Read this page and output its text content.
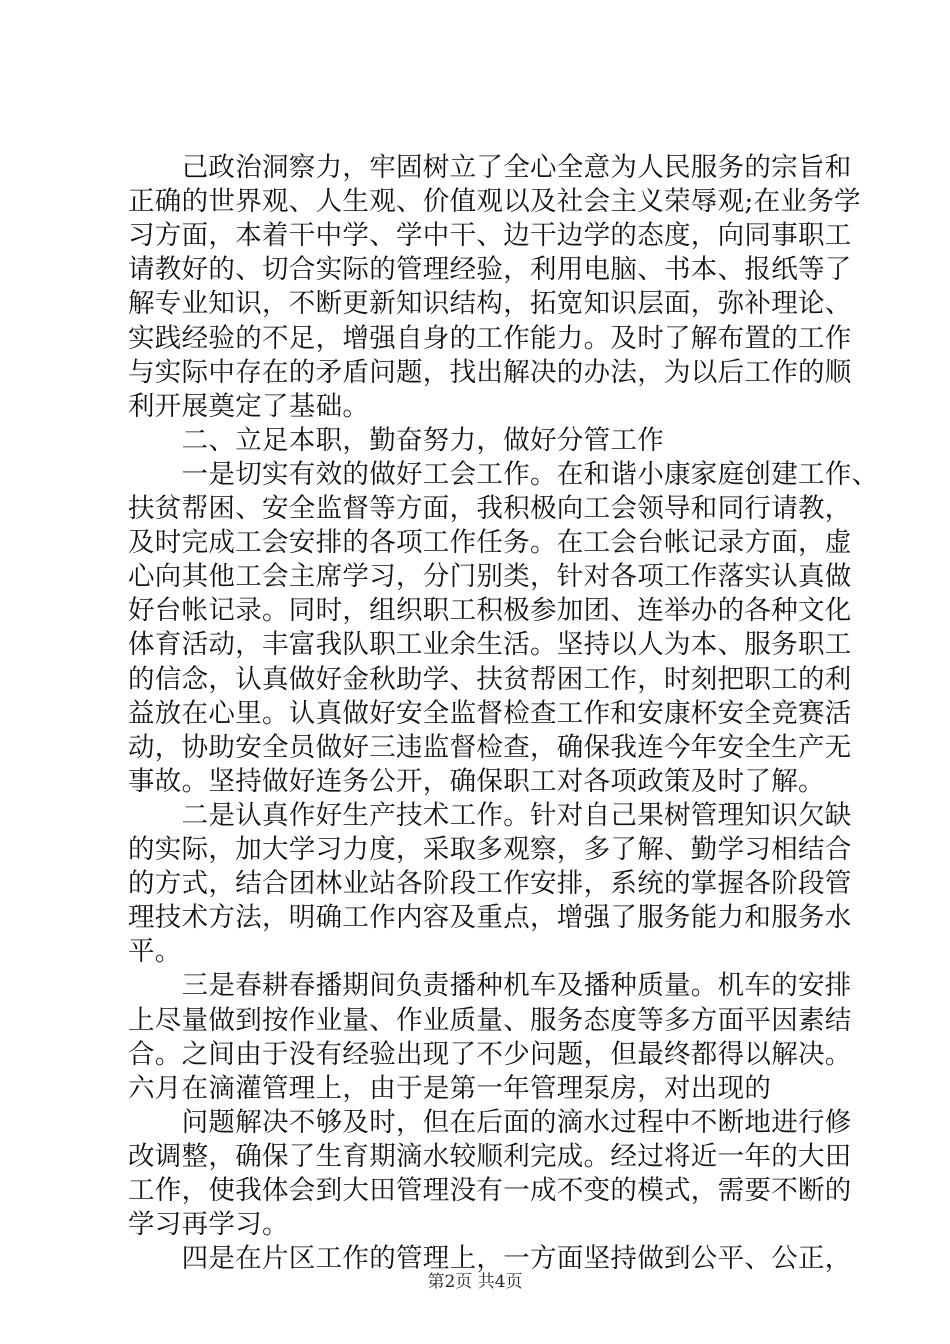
　　己政治洞察力，牢固树立了全心全意为人民服务的宗旨和
正确的世界观、人生观、价值观以及社会主义荣辱观;在业务学
习方面，本着干中学、学中干、边干边学的态度，向同事职工
请教好的、切合实际的管理经验，利用电脑、书本、报纸等了
解专业知识，不断更新知识结构，拓宽知识层面，弥补理论、
实践经验的不足，增强自身的工作能力。及时了解布置的工作
与实际中存在的矛盾问题，找出解决的办法，为以后工作的顺
利开展奠定了基础。
　　二、立足本职，勤奋努力，做好分管工作
　　一是切实有效的做好工会工作。在和谐小康家庭创建工作、
扶贫帮困、安全监督等方面，我积极向工会领导和同行请教，
及时完成工会安排的各项工作任务。在工会台帐记录方面，虚
心向其他工会主席学习，分门别类，针对各项工作落实认真做
好台帐记录。同时，组织职工积极参加团、连举办的各种文化
体育活动，丰富我队职工业余生活。坚持以人为本、服务职工
的信念，认真做好金秋助学、扶贫帮困工作，时刻把职工的利
益放在心里。认真做好安全监督检查工作和安康杯安全竞赛活
动，协助安全员做好三违监督检查，确保我连今年安全生产无
事故。坚持做好连务公开，确保职工对各项政策及时了解。
　　二是认真作好生产技术工作。针对自己果树管理知识欠缺
的实际，加大学习力度，采取多观察，多了解、勤学习相结合
的方式，结合团林业站各阶段工作安排，系统的掌握各阶段管
理技术方法，明确工作内容及重点，增强了服务能力和服务水
平。
　　三是春耕春播期间负责播种机车及播种质量。机车的安排
上尽量做到按作业量、作业质量、服务态度等多方面平因素结
合。之间由于没有经验出现了不少问题，但最终都得以解决。
六月在滴灌管理上，由于是第一年管理泵房，对出现的
　　问题解决不够及时，但在后面的滴水过程中不断地进行修
改调整，确保了生育期滴水较顺利完成。经过将近一年的大田
工作，使我体会到大田管理没有一成不变的模式，需要不断的
学习再学习。
　　四是在片区工作的管理上，一方面坚持做到公平、公正，
第2页 共4页
